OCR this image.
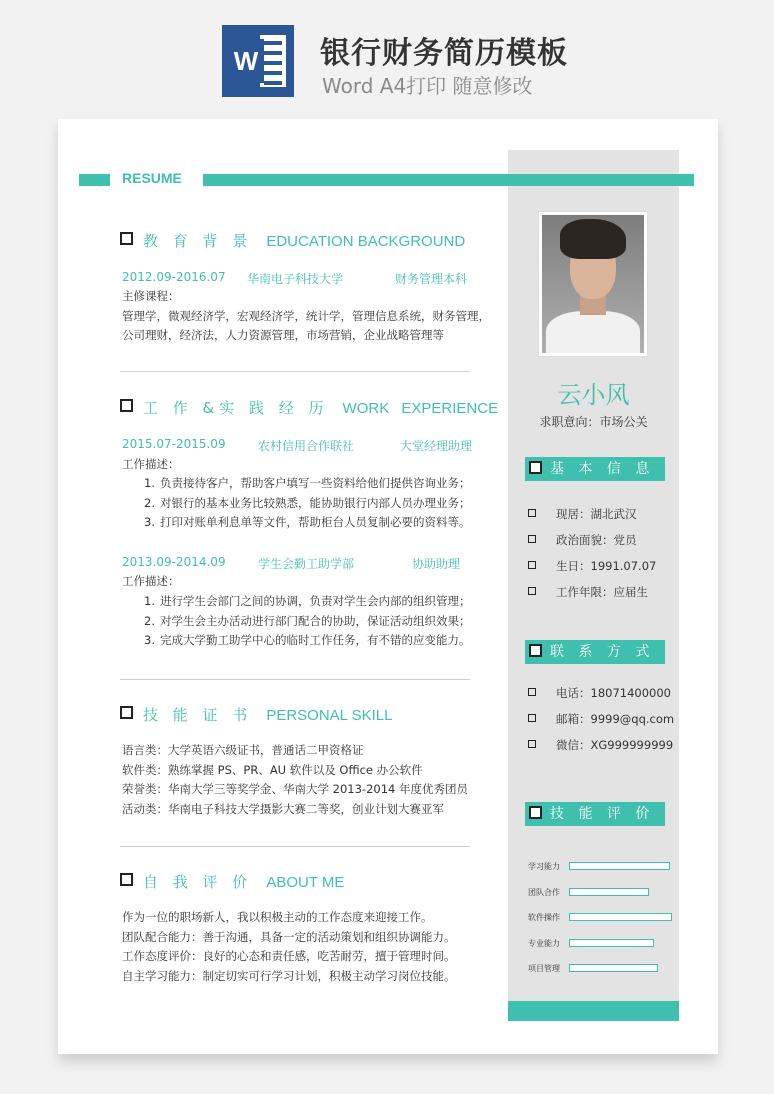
W 银行财务简历模板
Word A4打印 随意修改
RESUME
教 育 背 景 EDUCATION BACKGROUND
2012.09-2016.07 华南电子科技大学	财务管理本科
主修课程：
管理学，微观经济学，宏观经济学，统计学，管理信息系统，财务管理，
公司理财，经济法，人力资源管理，市场营销，企业战略管理等
工 作 &实 践 经 历 WORK EXPERIENCE
2015.07-2015.09	农村信用合作联社	大堂经理助理
工作描述：
1. 负责接待客户，帮助客户填写一些资料给他们提供咨询业务；
2. 对银行的基本业务比较熟悉，能协助银行内部人员办理业务；
3. 打印对账单利息单等文件，帮助柜台人员复制必要的资料等。
2013.09-2014.09	学生会勤工助学部	协助助理
工作描述：
1. 进行学生会部门之间的协调，负责对学生会内部的组织管理；
2. 对学生会主办活动进行部门配合的协助，保证活动组织效果；
3. 完成大学勤工助学中心的临时工作任务，有不错的应变能力。
技 能 证 书 PERSONAL SKILL
语言类：大学英语六级证书，普通话二甲资格证
软件类：熟练掌握 PS、PR、AU 软件以及 Office 办公软件
荣誉类：华南大学三等奖学金、华南大学 2013-2014 年度优秀团员
活动类：华南电子科技大学摄影大赛二等奖，创业计划大赛亚军
自 我 评 价 ABOUT ME
作为一位的职场新人，我以积极主动的工作态度来迎接工作。
团队配合能力：善于沟通，具备一定的活动策划和组织协调能力。
工作态度评价：良好的心态和责任感，吃苦耐劳，擅于管理时间。
自主学习能力：制定切实可行学习计划，积极主动学习岗位技能。
云小风
求职意向：市场公关
基 本 信 息
现居：湖北武汉
政治面貌：党员
生日：1991.07.07
工作年限：应届生
联 系 方 式
电话：18071400000
邮箱：9999@qq.com
微信：XG999999999
技 能 评 价
学习能力
团队合作
软件操作
专业能力
项目管理
